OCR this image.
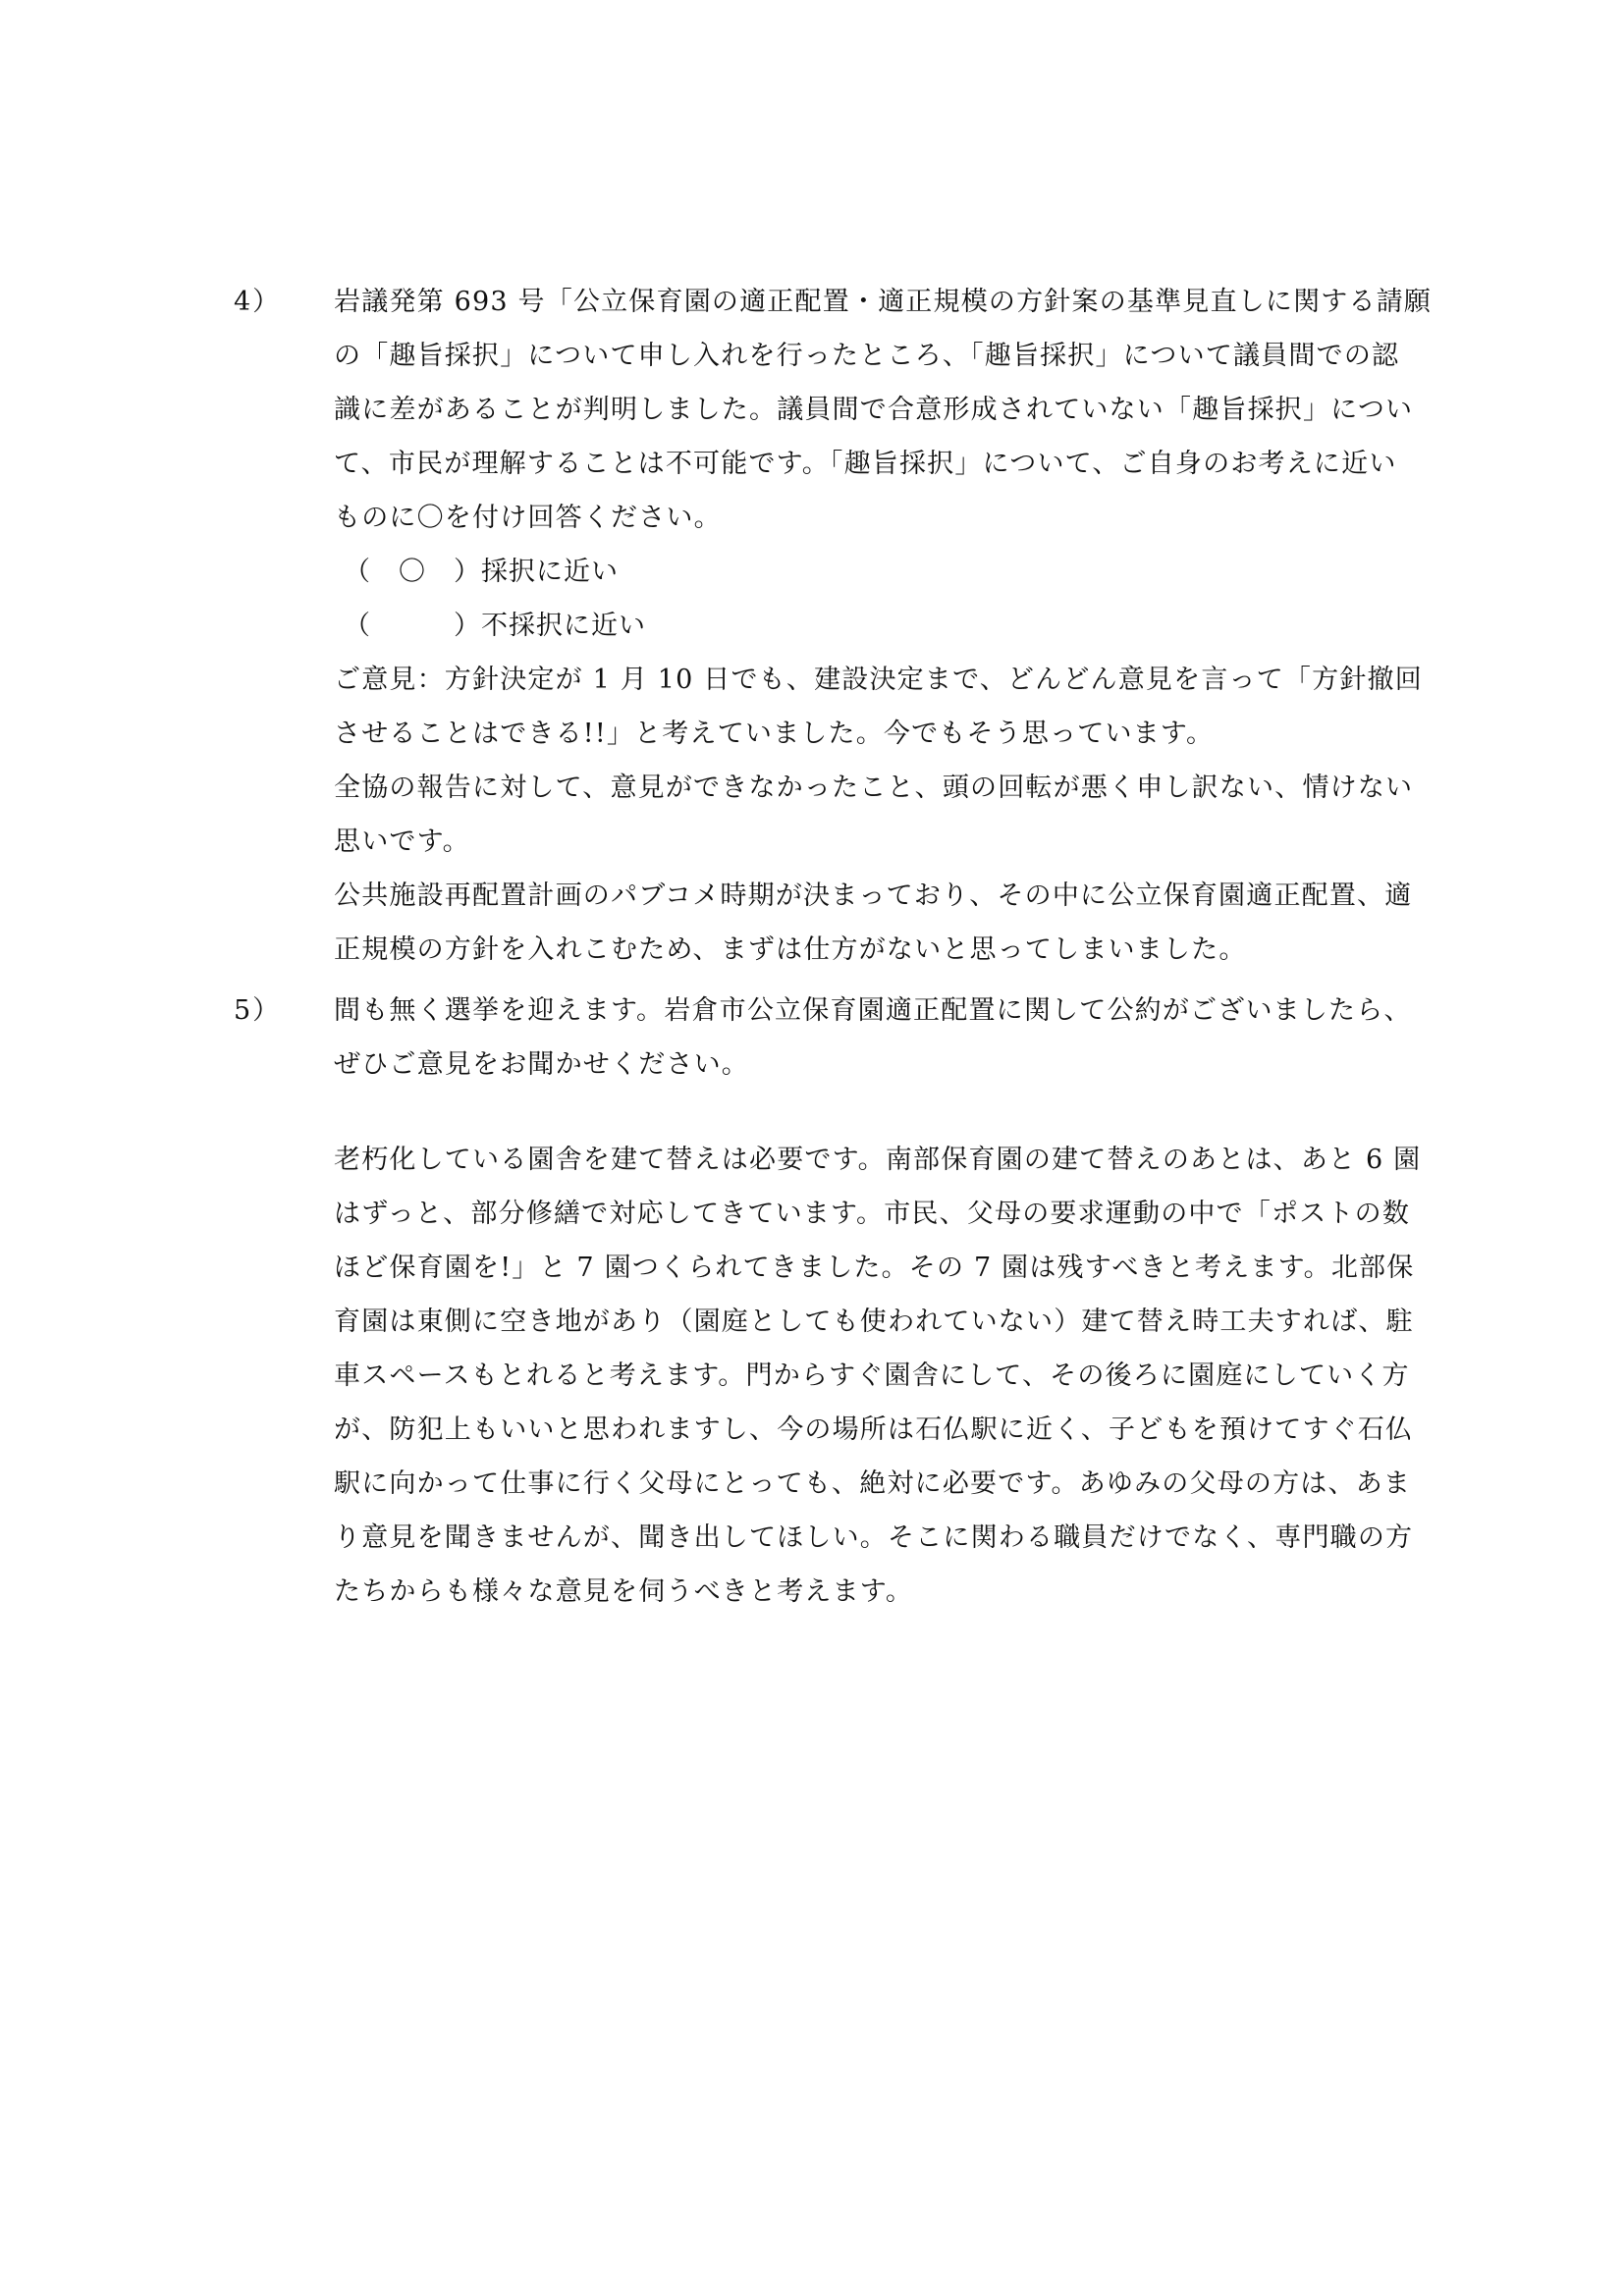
4） 岩議発第 693 号「公立保育園の適正配置・適正規模の方針案の基準見直しに関する請願
の「趣旨採択」について申し入れを行ったところ、「趣旨採択」について議員間での認
識に差があることが判明しました。議員間で合意形成されていない「趣旨採択」につい
て、市民が理解することは不可能です。「趣旨採択」について、ご自身のお考えに近い
ものに〇を付け回答ください。
（　〇　）採択に近い
（　　　）不採択に近い
ご意見：方針決定が 1 月 10 日でも、建設決定まで、どんどん意見を言って「方針撤回
させることはできる!!」と考えていました。今でもそう思っています。
全協の報告に対して、意見ができなかったこと、頭の回転が悪く申し訳ない、情けない
思いです。
公共施設再配置計画のパブコメ時期が決まっており、その中に公立保育園適正配置、適
正規模の方針を入れこむため、まずは仕方がないと思ってしまいました。
5） 間も無く選挙を迎えます。岩倉市公立保育園適正配置に関して公約がございましたら、
ぜひご意見をお聞かせください。
老朽化している園舎を建て替えは必要です。南部保育園の建て替えのあとは、あと 6 園
はずっと、部分修繕で対応してきています。市民、父母の要求運動の中で「ポストの数
ほど保育園を!」と 7 園つくられてきました。その 7 園は残すべきと考えます。北部保
育園は東側に空き地があり（園庭としても使われていない）建て替え時工夫すれば、駐
車スペースもとれると考えます。門からすぐ園舎にして、その後ろに園庭にしていく方
が、防犯上もいいと思われますし、今の場所は石仏駅に近く、子どもを預けてすぐ石仏
駅に向かって仕事に行く父母にとっても、絶対に必要です。あゆみの父母の方は、あま
り意見を聞きませんが、聞き出してほしい。そこに関わる職員だけでなく、専門職の方
たちからも様々な意見を伺うべきと考えます。
